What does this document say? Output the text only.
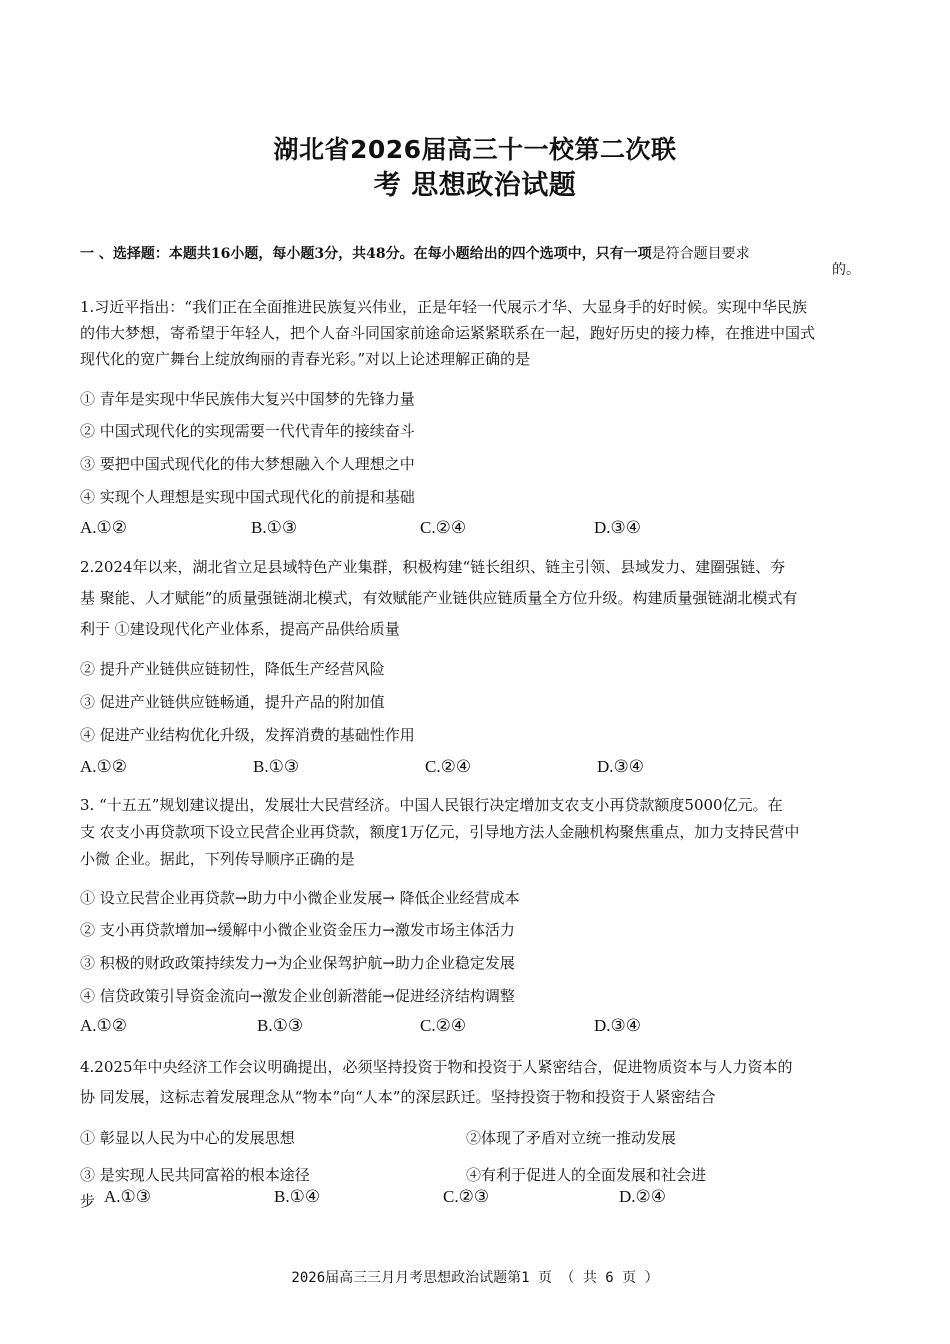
湖北省2026届高三十一校第二次联
考 思想政治试题
一 、选择题：本题共16小题，每小题3分，共48分。在每小题给出的四个选项中，只有一项是符合题目要求
的。
1.习近平指出：“我们正在全面推进民族复兴伟业，正是年轻一代展示才华、大显身手的好时候。实现中华民族
的伟大梦想，寄希望于年轻人，把个人奋斗同国家前途命运紧紧联系在一起，跑好历史的接力棒，在推进中国式
现代化的宽广舞台上绽放绚丽的青春光彩。”对以上论述理解正确的是
① 青年是实现中华民族伟大复兴中国梦的先锋力量
② 中国式现代化的实现需要一代代青年的接续奋斗
③ 要把中国式现代化的伟大梦想融入个人理想之中
④ 实现个人理想是实现中国式现代化的前提和基础
A.①②	B.①③	C.②④	D.③④
2.2024年以来，湖北省立足县域特色产业集群，积极构建“链长组织、链主引领、县域发力、建圈强链、夯
基 聚能、人才赋能”的质量强链湖北模式，有效赋能产业链供应链质量全方位升级。构建质量强链湖北模式有
利于 ①建设现代化产业体系，提高产品供给质量
② 提升产业链供应链韧性，降低生产经营风险
③ 促进产业链供应链畅通，提升产品的附加值
④ 促进产业结构优化升级，发挥消费的基础性作用
A.①②	B.①③	C.②④	D.③④
3. “十五五”规划建议提出，发展壮大民营经济。中国人民银行决定增加支农支小再贷款额度5000亿元。在
支 农支小再贷款项下设立民营企业再贷款，额度1万亿元，引导地方法人金融机构聚焦重点，加力支持民营中
小微 企业。据此，下列传导顺序正确的是
① 设立民营企业再贷款→助力中小微企业发展→ 降低企业经营成本
② 支小再贷款增加→缓解中小微企业资金压力→激发市场主体活力
③ 积极的财政政策持续发力→为企业保驾护航→助力企业稳定发展
④ 信贷政策引导资金流向→激发企业创新潜能→促进经济结构调整
A.①②	B.①③	C.②④	D.③④
4.2025年中央经济工作会议明确提出，必须坚持投资于物和投资于人紧密结合，促进物质资本与人力资本的
协 同发展，这标志着发展理念从“物本”向“人本”的深层跃迁。坚持投资于物和投资于人紧密结合
① 彰显以人民为中心的发展思想	②体现了矛盾对立统一推动发展
③ 是实现人民共同富裕的根本途径	④有利于促进人的全面发展和社会进
步 A.①③	B.①④	C.②③	D.②④
2026届高三三月月考思想政治试题第1 页 （ 共 6 页 ）
